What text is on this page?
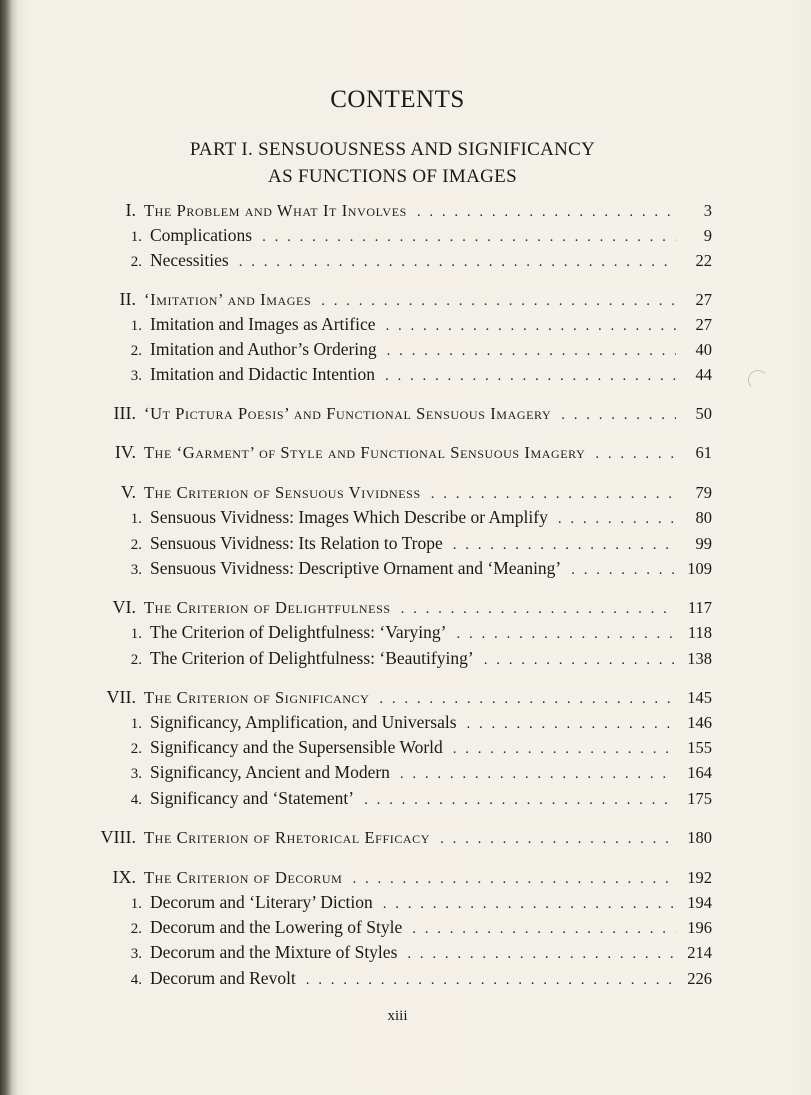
CONTENTS
PART I. SENSUOUSNESS AND SIGNIFICANCY
AS FUNCTIONS OF IMAGES
I. The Problem and What It Involves . . .	3
1. Complications . . .	9
2. Necessities . . .	22
II. ‘Imitation’ and Images . . .	27
1. Imitation and Images as Artifice . . .	27
2. Imitation and Author’s Ordering . . .	40
3. Imitation and Didactic Intention . . .	44
III. ‘Ut Pictura Poesis’ and Functional Sensuous Imagery . . .	50
IV. The ‘Garment’ of Style and Functional Sensuous Imagery . . .	61
V. The Criterion of Sensuous Vividness . . .	79
1. Sensuous Vividness: Images Which Describe or Amplify . . .	80
2. Sensuous Vividness: Its Relation to Trope . . .	99
3. Sensuous Vividness: Descriptive Ornament and ‘Meaning’ . . .	109
VI. The Criterion of Delightfulness . . .	117
1. The Criterion of Delightfulness: ‘Varying’ . . .	118
2. The Criterion of Delightfulness: ‘Beautifying’ . . .	138
VII. The Criterion of Significancy . . .	145
1. Significancy, Amplification, and Universals . . .	146
2. Significancy and the Supersensible World . . .	155
3. Significancy, Ancient and Modern . . .	164
4. Significancy and ‘Statement’ . . .	175
VIII. The Criterion of Rhetorical Efficacy . . .	180
IX. The Criterion of Decorum . . .	192
1. Decorum and ‘Literary’ Diction . . .	194
2. Decorum and the Lowering of Style . . .	196
3. Decorum and the Mixture of Styles . . .	214
4. Decorum and Revolt . . .	226
xiii
